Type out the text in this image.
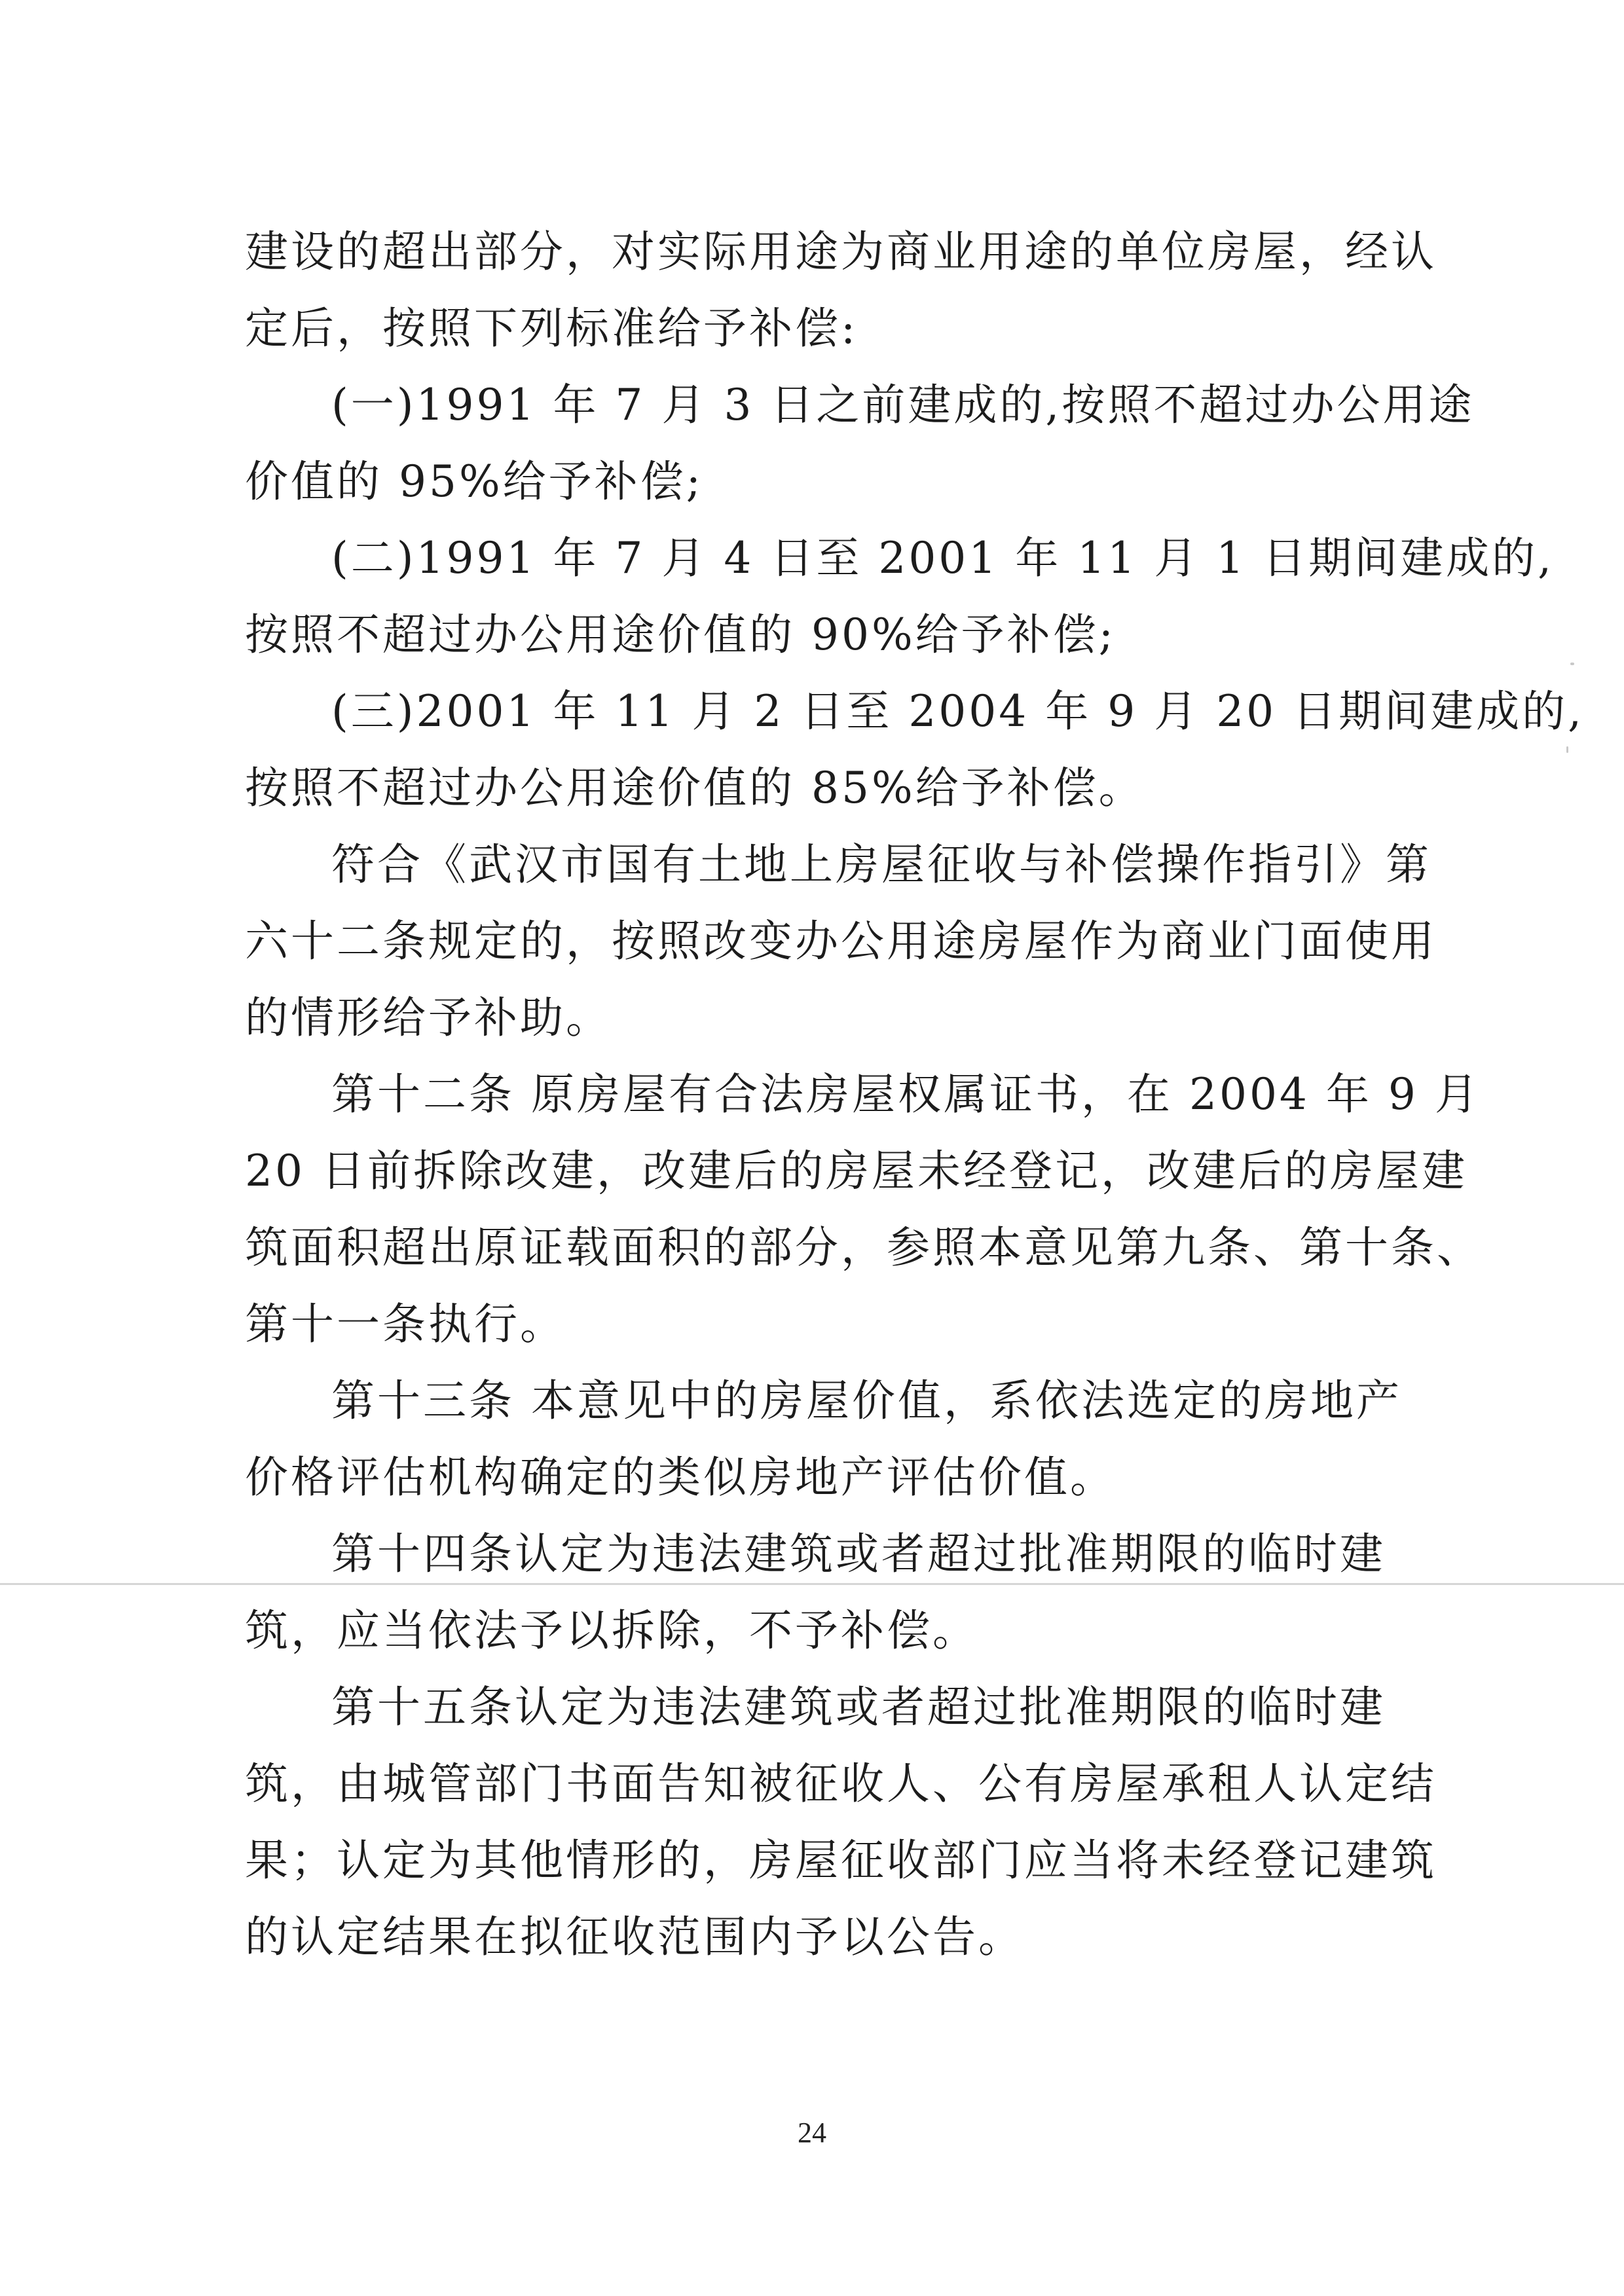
建设的超出部分，对实际用途为商业用途的单位房屋，经认
定后，按照下列标准给予补偿:
(一)1991 年 7 月 3 日之前建成的,按照不超过办公用途
价值的 95%给予补偿;
(二)1991 年 7 月 4 日至 2001 年 11 月 1 日期间建成的,
按照不超过办公用途价值的 90%给予补偿;
(三)2001 年 11 月 2 日至 2004 年 9 月 20 日期间建成的,
按照不超过办公用途价值的 85%给予补偿。
符合《武汉市国有土地上房屋征收与补偿操作指引》第
六十二条规定的，按照改变办公用途房屋作为商业门面使用
的情形给予补助。
第十二条 原房屋有合法房屋权属证书，在 2004 年 9 月
20 日前拆除改建，改建后的房屋未经登记，改建后的房屋建
筑面积超出原证载面积的部分，参照本意见第九条、第十条、
第十一条执行。
第十三条 本意见中的房屋价值，系依法选定的房地产
价格评估机构确定的类似房地产评估价值。
第十四条认定为违法建筑或者超过批准期限的临时建
筑，应当依法予以拆除，不予补偿。
第十五条认定为违法建筑或者超过批准期限的临时建
筑，由城管部门书面告知被征收人、公有房屋承租人认定结
果；认定为其他情形的，房屋征收部门应当将未经登记建筑
的认定结果在拟征收范围内予以公告。
24
